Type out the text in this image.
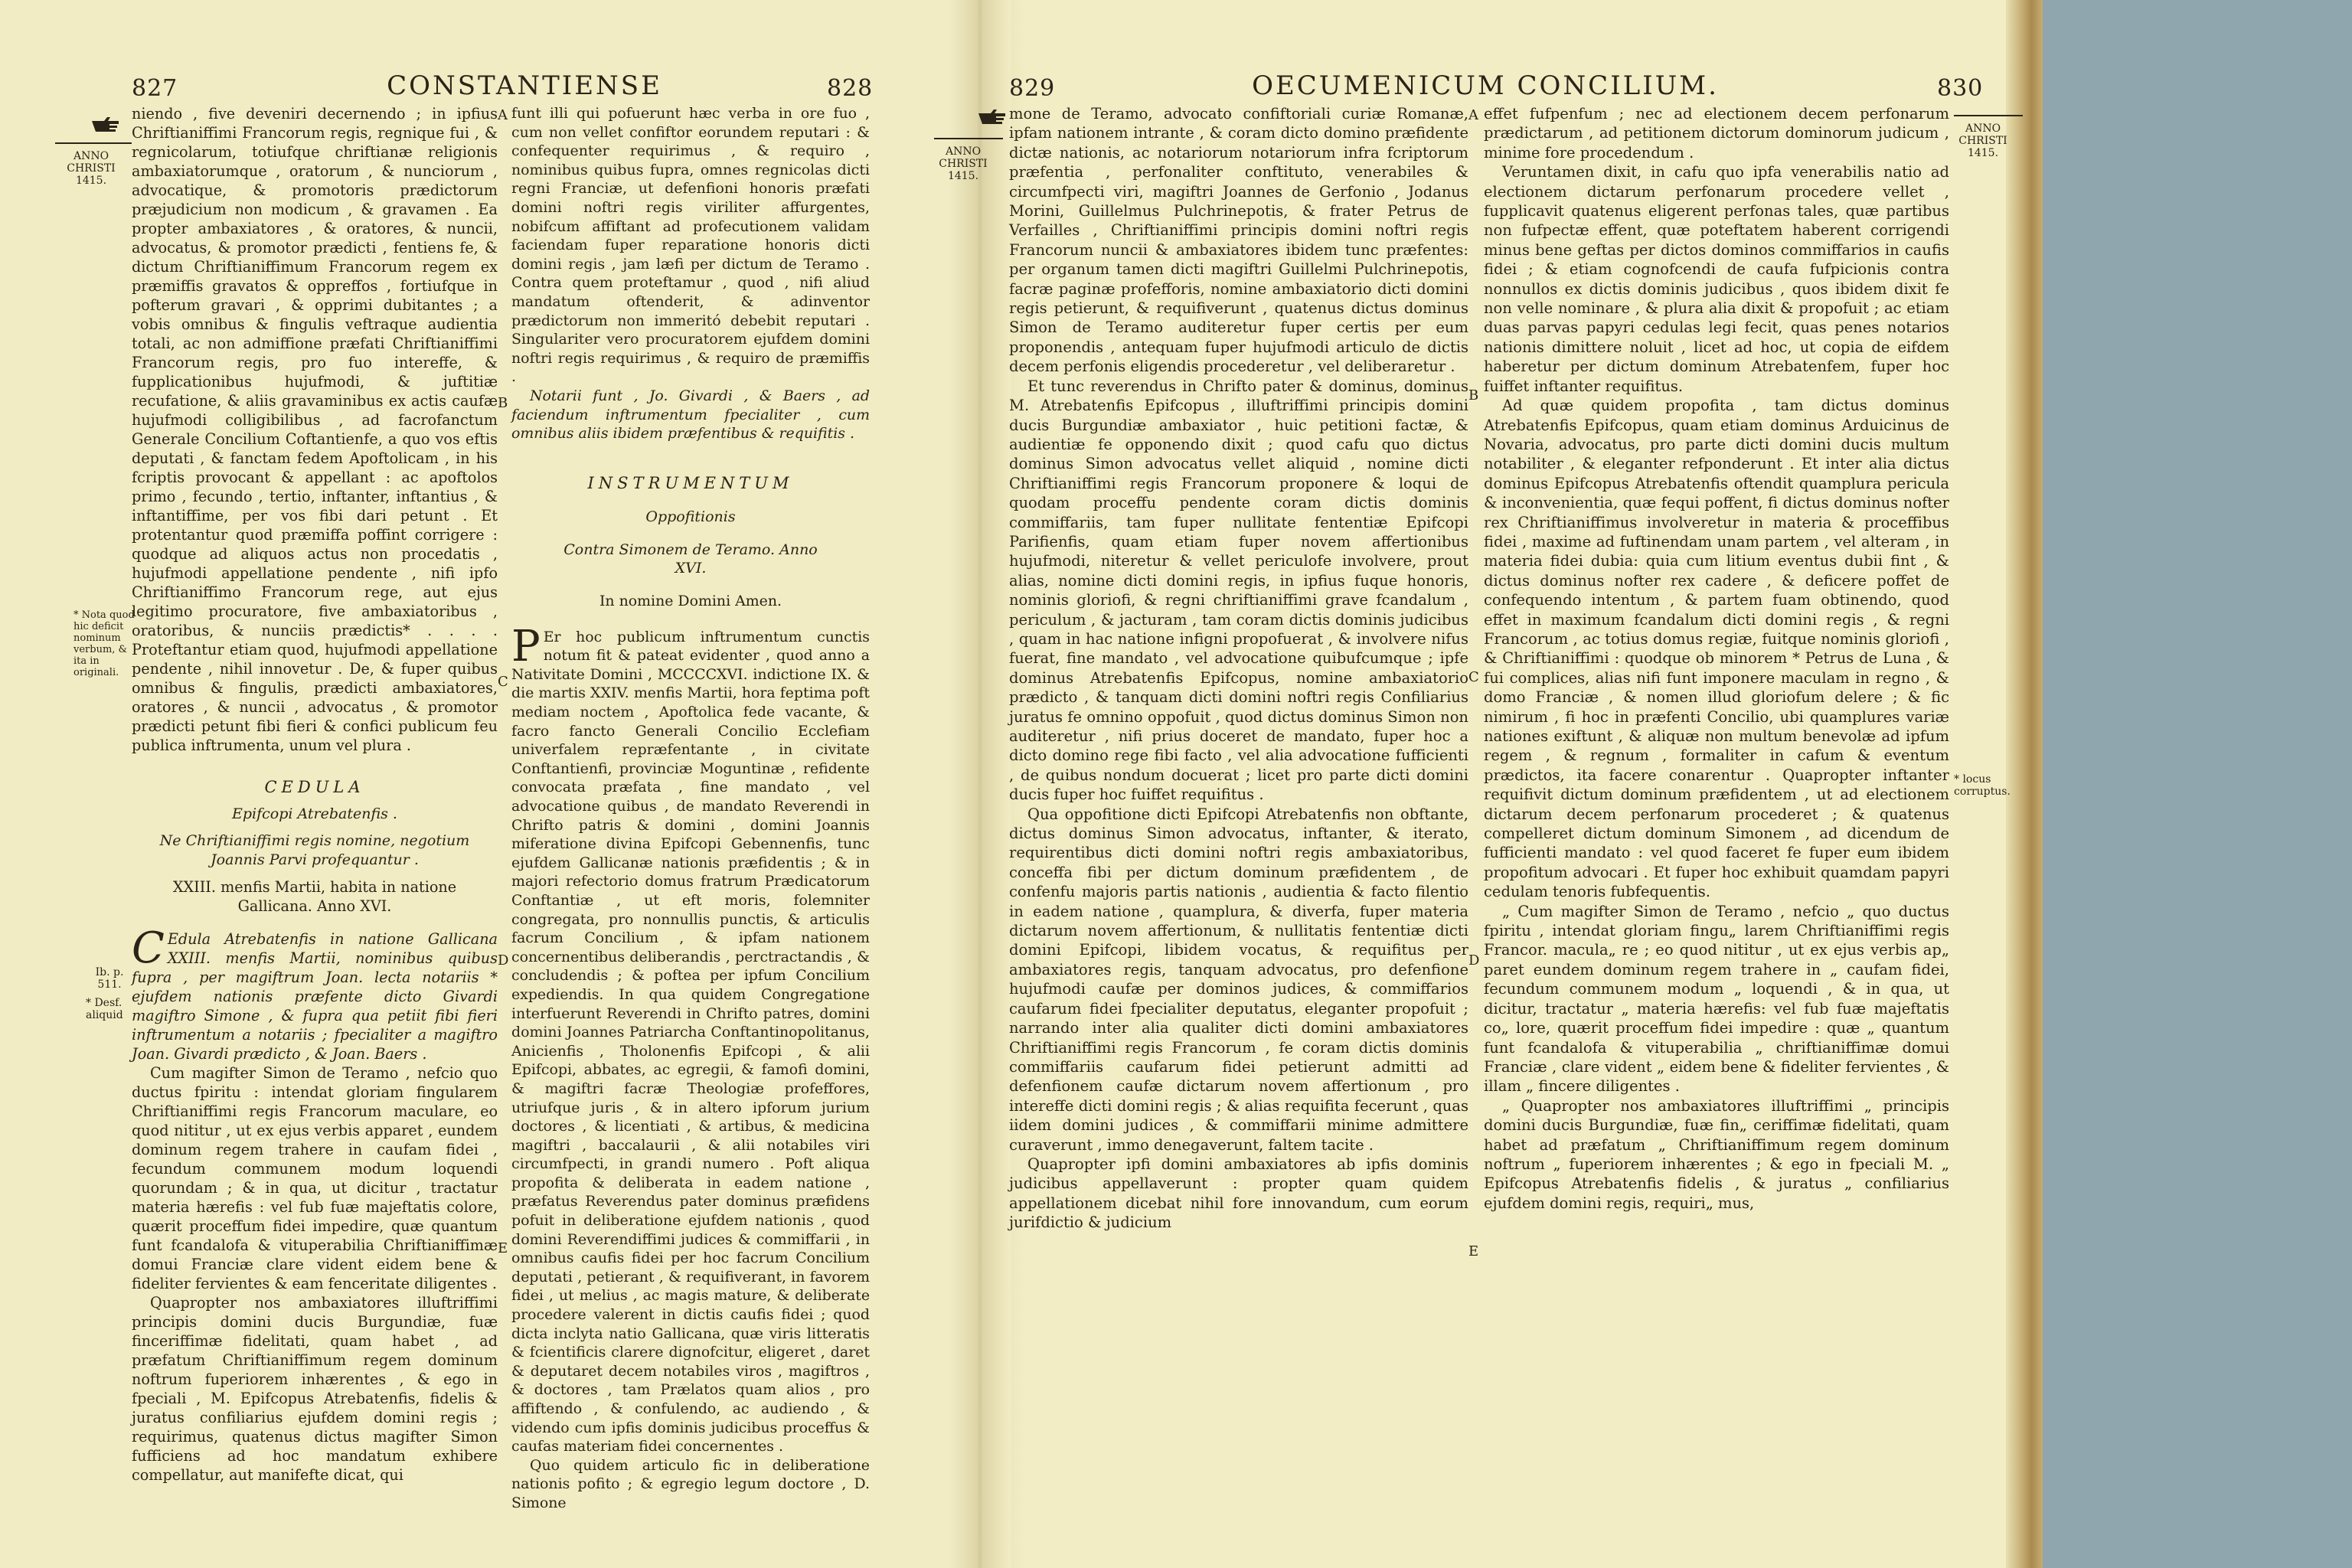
827	CONSTANTIENSE	828
ANNO CHRISTI 1415.
* Nota quod hic deficit nominum verbum, & ita in originali.
Ib. p. 511.
* Desf. aliquid
A
B
C
D
E

niendo , five deveniri decernendo ; in ipfius Chriftianiffimi Francorum regis, regnique fui , & regnicolarum, totiufque chriftianæ religionis ambaxiatorumque , oratorum , & nunciorum , advocatique, & promotoris prædictorum præjudicium non modicum , & gravamen . Ea propter ambaxiatores , & oratores, & nuncii, advocatus, & promotor prædicti , fentiens fe, & dictum Chriftianiffimum Francorum regem ex præmiffis gravatos & oppreffos , fortiufque in pofterum gravari , & opprimi dubitantes ; a vobis omnibus & fingulis veftraque audientia totali, ac non admiffione præfati Chriftianiffimi Francorum regis, pro fuo intereffe, & fupplicationibus hujufmodi, & juftitiæ recufatione, & aliis gravaminibus ex actis caufæ hujufmodi colligibilibus , ad facrofanctum Generale Concilium Coftantienfe, a quo vos eftis deputati , & fanctam fedem Apoftolicam , in his fcriptis provocant & appellant : ac apoftolos primo , fecundo , tertio, inftanter, inftantius , & inftantiffime, per vos fibi dari petunt . Et protentantur quod præmiffa poffint corrigere : quodque ad aliquos actus non procedatis , hujufmodi appellatione pendente , nifi ipfo Chriftianiffimo Francorum rege, aut ejus legitimo procuratore, five ambaxiatoribus , oratoribus, & nunciis prædictis* . . . . Proteftantur etiam quod, hujufmodi appellatione pendente , nihil innovetur . De, & fuper quibus omnibus & fingulis, prædicti ambaxiatores, oratores , & nuncii , advocatus , & promotor prædicti petunt fibi fieri & confici publicum feu publica inftrumenta, unum vel plura .

CEDULA
Epifcopi Atrebatenfis .
Ne Chriftianiffimi regis nomine, negotium Joannis Parvi profequantur .
XXIII. menfis Martii, habita in natione Gallicana. Anno XVI.

C Edula Atrebatenfis in natione Gallicana XXIII. menfis Martii, nominibus quibus fupra , per magiftrum Joan. lecta notariis * ejufdem nationis præfente dicto Givardi magiftro Simone , & fupra qua petiit fibi fieri inftrumentum a notariis ; fpecialiter a magiftro Joan. Givardi prædicto , & Joan. Baers .

Cum magifter Simon de Teramo , nefcio quo ductus fpiritu : intendat gloriam fingularem Chriftianiffimi regis Francorum maculare, eo quod nititur , ut ex ejus verbis apparet , eundem dominum regem trahere in caufam fidei , fecundum communem modum loquendi quorundam ; & in qua, ut dicitur , tractatur materia hærefis : vel fub fuæ majeftatis colore, quærit proceffum fidei impedire, quæ quantum funt fcandalofa & vituperabilia Chriftianiffimæ domui Franciæ clare vident eidem bene & fideliter fervientes & eam fenceritate diligentes .

Quapropter nos ambaxiatores illuftriffimi principis domini ducis Burgundiæ, fuæ finceriffimæ fidelitati, quam habet , ad præfatum Chriftianiffimum regem dominum noftrum fuperiorem inhærentes , & ego in fpeciali , M. Epifcopus Atrebatenfis, fidelis & juratus confiliarius ejufdem domini regis ; requirimus, quatenus dictus magifter Simon fufficiens ad hoc mandatum exhibere compellatur, aut manifefte dicat, qui

funt illi qui pofuerunt hæc verba in ore fuo , cum non vellet confiftor eorundem reputari : & confequenter requirimus , & requiro , nominibus quibus fupra, omnes regnicolas dicti regni Franciæ, ut defenfioni honoris præfati domini noftri regis viriliter affurgentes, nobifcum affiftant ad profecutionem validam faciendam fuper reparatione honoris dicti domini regis , jam læfi per dictum de Teramo . Contra quem proteftamur , quod , nifi aliud mandatum oftenderit, & adinventor prædictorum non immeritó debebit reputari . Singulariter vero procuratorem ejufdem domini noftri regis requirimus , & requiro de præmiffis .

Notarii funt , Jo. Givardi , & Baers , ad faciendum inftrumentum fpecialiter , cum omnibus aliis ibidem præfentibus & requifitis .

INSTRUMENTUM
Oppofitionis
Contra Simonem de Teramo. Anno XVI.
In nomine Domini Amen.

P Er hoc publicum inftrumentum cunctis notum fit & pateat evidenter , quod anno a Nativitate Domini , MCCCCXVI. indictione IX. & die martis XXIV. menfis Martii, hora feptima poft mediam noctem , Apoftolica fede vacante, & facro fancto Generali Concilio Ecclefiam univerfalem repræfentante , in civitate Conftantienfi, provinciæ Moguntinæ , refidente convocata præfata , fine mandato , vel advocatione quibus , de mandato Reverendi in Chrifto patris & domini , domini Joannis miferatione divina Epifcopi Gebennenfis, tunc ejufdem Gallicanæ nationis præfidentis ; & in majori refectorio domus fratrum Prædicatorum Conftantiæ , ut eft moris, folemniter congregata, pro nonnullis punctis, & articulis facrum Concilium , & ipfam nationem concernentibus deliberandis , perctractandis , & concludendis ; & poftea per ipfum Concilium expediendis. In qua quidem Congregatione interfuerunt Reverendi in Chrifto patres, domini domini Joannes Patriarcha Conftantinopolitanus, Anicienfis , Tholonenfis Epifcopi , & alii Epifcopi, abbates, ac egregii, & famofi domini, & magiftri facræ Theologiæ profeffores, utriufque juris , & in altero ipforum jurium doctores , & licentiati , & artibus, & medicina magiftri , baccalaurii , & alii notabiles viri circumfpecti, in grandi numero . Poft aliqua propofita & deliberata in eadem natione , præfatus Reverendus pater dominus præfidens pofuit in deliberatione ejufdem nationis , quod domini Reverendiffimi judices & commiffarii , in omnibus caufis fidei per hoc facrum Concilium deputati , petierant , & requifiverant, in favorem fidei , ut melius , ac magis mature, & deliberate procedere valerent in dictis caufis fidei ; quod dicta inclyta natio Gallicana, quæ viris litteratis & fcientificis clarere dignofcitur, eligeret , daret & deputaret decem notabiles viros , magiftros , & doctores , tam Prælatos quam alios , pro affiftendo , & confulendo, ac audiendo , & videndo cum ipfis dominis judicibus proceffus & caufas materiam fidei concernentes .

Quo quidem articulo fic in deliberatione nationis pofito ; & egregio legum doctore , D. Simone

829	OECUMENICUM CONCILIUM.	830
ANNO CHRISTI 1415.
ANNO CHRISTI 1415.
* locus corruptus.
A
B
C
D
E

mone de Teramo, advocato confiftoriali curiæ Romanæ, ipfam nationem intrante , & coram dicto domino præfidente dictæ nationis, ac notariorum notariorum infra fcriptorum præfentia , perfonaliter conftituto, venerabiles & circumfpecti viri, magiftri Joannes de Gerfonio , Jodanus Morini, Guillelmus Pulchrinepotis, & frater Petrus de Verfailles , Chriftianiffimi principis domini noftri regis Francorum nuncii & ambaxiatores ibidem tunc præfentes: per organum tamen dicti magiftri Guillelmi Pulchrinepotis, facræ paginæ profefforis, nomine ambaxiatorio dicti domini regis petierunt, & requifiverunt , quatenus dictus dominus Simon de Teramo auditeretur fuper certis per eum proponendis , antequam fuper hujufmodi articulo de dictis decem perfonis eligendis procederetur , vel deliberaretur .

Et tunc reverendus in Chrifto pater & dominus, dominus M. Atrebatenfis Epifcopus , illuftriffimi principis domini ducis Burgundiæ ambaxiator , huic petitioni factæ, & audientiæ fe opponendo dixit ; quod cafu quo dictus dominus Simon advocatus vellet aliquid , nomine dicti Chriftianiffimi regis Francorum proponere & loqui de quodam proceffu pendente coram dictis dominis commiffariis, tam fuper nullitate fententiæ Epifcopi Parifienfis, quam etiam fuper novem affertionibus hujufmodi, niteretur & vellet periculofe involvere, prout alias, nomine dicti domini regis, in ipfius fuque honoris, nominis gloriofi, & regni chriftianiffimi grave fcandalum , periculum , & jacturam , tam coram dictis dominis judicibus , quam in hac natione infigni propofuerat , & involvere nifus fuerat, fine mandato , vel advocatione quibufcumque ; ipfe dominus Atrebatenfis Epifcopus, nomine ambaxiatorio prædicto , & tanquam dicti domini noftri regis Confiliarius juratus fe omnino oppofuit , quod dictus dominus Simon non auditeretur , nifi prius doceret de mandato, fuper hoc a dicto domino rege fibi facto , vel alia advocatione fufficienti , de quibus nondum docuerat ; licet pro parte dicti domini ducis fuper hoc fuiffet requifitus .

Qua oppofitione dicti Epifcopi Atrebatenfis non obftante, dictus dominus Simon advocatus, inftanter, & iterato, requirentibus dicti domini noftri regis ambaxiatoribus, conceffa fibi per dictum dominum præfidentem , de confenfu majoris partis nationis , audientia & facto filentio in eadem natione , quamplura, & diverfa, fuper materia dictarum novem affertionum, & nullitatis fententiæ dicti domini Epifcopi, libidem vocatus, & requifitus per ambaxiatores regis, tanquam advocatus, pro defenfione hujufmodi caufæ per dominos judices, & commiffarios caufarum fidei fpecialiter deputatus, eleganter propofuit ; narrando inter alia qualiter dicti domini ambaxiatores Chriftianiffimi regis Francorum , fe coram dictis dominis commiffariis caufarum fidei petierunt admitti ad defenfionem caufæ dictarum novem affertionum , pro intereffe dicti domini regis ; & alias requifita fecerunt , quas iidem domini judices , & commiffarii minime admittere curaverunt , immo denegaverunt, faltem tacite .

Quapropter ipfi domini ambaxiatores ab ipfis dominis judicibus appellaverunt : propter quam quidem appellationem dicebat nihil fore innovandum, cum eorum jurifdictio & judicium

effet fufpenfum ; nec ad electionem decem perfonarum prædictarum , ad petitionem dictorum dominorum judicum , minime fore procedendum .

Veruntamen dixit, in cafu quo ipfa venerabilis natio ad electionem dictarum perfonarum procedere vellet , fupplicavit quatenus eligerent perfonas tales, quæ partibus non fufpectæ effent, quæ poteftatem haberent corrigendi minus bene geftas per dictos dominos commiffarios in caufis fidei ; & etiam cognofcendi de caufa fufpicionis contra nonnullos ex dictis dominis judicibus , quos ibidem dixit fe non velle nominare , & plura alia dixit & propofuit ; ac etiam duas parvas papyri cedulas legi fecit, quas penes notarios nationis dimittere noluit , licet ad hoc, ut copia de eifdem haberetur per dictum dominum Atrebatenfem, fuper hoc fuiffet inftanter requifitus.

Ad quæ quidem propofita , tam dictus dominus Atrebatenfis Epifcopus, quam etiam dominus Arduicinus de Novaria, advocatus, pro parte dicti domini ducis multum notabiliter , & eleganter refponderunt . Et inter alia dictus dominus Epifcopus Atrebatenfis oftendit quamplura pericula & inconvenientia, quæ fequi poffent, fi dictus dominus nofter rex Chriftianiffimus involveretur in materia & proceffibus fidei , maxime ad fuftinendam unam partem , vel alteram , in materia fidei dubia: quia cum litium eventus dubii fint , & dictus dominus nofter rex cadere , & deficere poffet de confequendo intentum , & partem fuam obtinendo, quod effet in maximum fcandalum dicti domini regis , & regni Francorum , ac totius domus regiæ, fuitque nominis gloriofi , & Chriftianiffimi : quodque ob minorem * Petrus de Luna , & fui complices, alias nifi funt imponere maculam in regno , & domo Franciæ , & nomen illud gloriofum delere ; & fic nimirum , fi hoc in præfenti Concilio, ubi quamplures variæ nationes exiftunt , & aliquæ non multum benevolæ ad ipfum regem , & regnum , formaliter in cafum & eventum prædictos, ita facere conarentur . Quapropter inftanter requifivit dictum dominum præfidentem , ut ad electionem dictarum decem perfonarum procederet ; & quatenus compelleret dictum dominum Simonem , ad dicendum de fufficienti mandato : vel quod faceret fe fuper eum ibidem propofitum advocari . Et fuper hoc exhibuit quamdam papyri cedulam tenoris fubfequentis.

„ Cum magifter Simon de Teramo , nefcio „ quo ductus fpiritu , intendat gloriam fingu„ larem Chriftianiffimi regis Francor. macula„ re ; eo quod nititur , ut ex ejus verbis ap„ paret eundem dominum regem trahere in „ caufam fidei, fecundum communem modum „ loquendi , & in qua, ut dicitur, tractatur „ materia hærefis: vel fub fuæ majeftatis co„ lore, quærit proceffum fidei impedire : quæ „ quantum funt fcandalofa & vituperabilia „ chriftianiffimæ domui Franciæ , clare vident „ eidem bene & fideliter fervientes , & illam „ fincere diligentes .

„ Quapropter nos ambaxiatores illuftriffimi „ principis domini ducis Burgundiæ, fuæ fin„ ceriffimæ fidelitati, quam habet ad præfatum „ Chriftianiffimum regem dominum noftrum „ fuperiorem inhærentes ; & ego in fpeciali M. „ Epifcopus Atrebatenfis fidelis , & juratus „ confiliarius ejufdem domini regis, requiri„ mus,
